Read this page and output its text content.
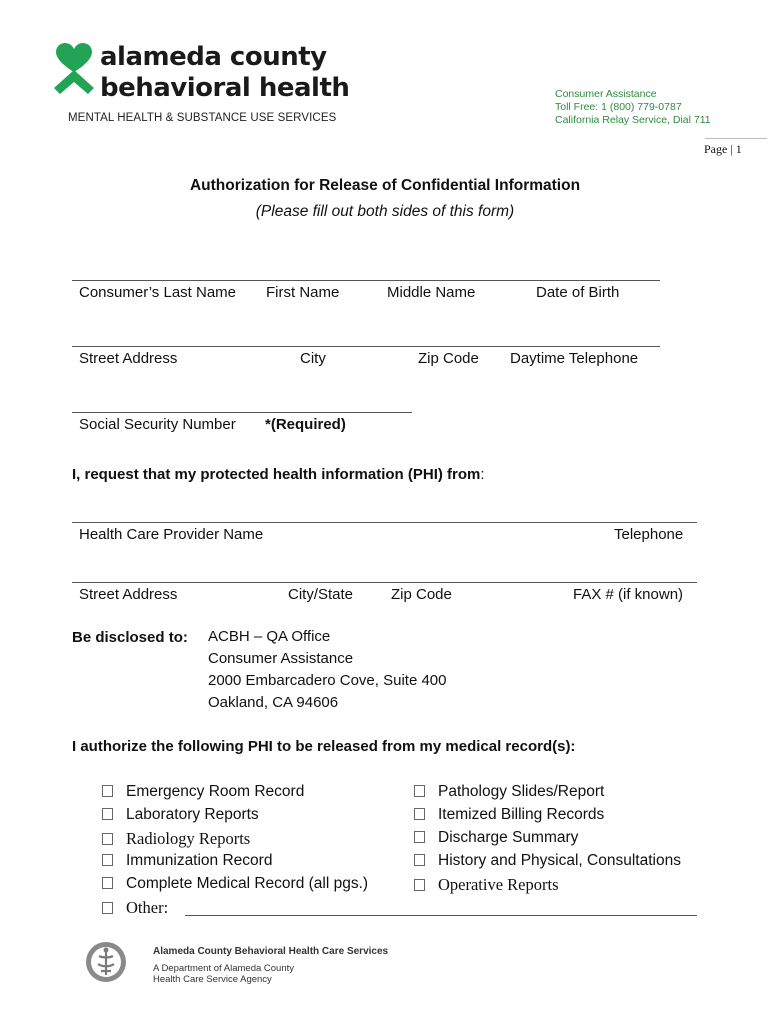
alameda county
behavioral health
MENTAL HEALTH & SUBSTANCE USE SERVICES
Consumer Assistance
Toll Free: 1 (800) 779-0787
California Relay Service, Dial 711
Page | 1
Authorization for Release of Confidential Information
(Please fill out both sides of this form)
Consumer’s Last Name First Name	Middle Name	Date of Birth
Street Address	City	Zip Code Daytime Telephone
Social Security Number *(Required)
I, request that my protected health information (PHI) from:
Health Care Provider Name	Telephone
Street Address	City/State	Zip Code	FAX # (if known)
Be disclosed to: ACBH – QA Office
Consumer Assistance
2000 Embarcadero Cove, Suite 400
Oakland, CA 94606
I authorize the following PHI to be released from my medical record(s):
Emergency Room Record
Laboratory Reports
Radiology Reports
Immunization Record
Complete Medical Record (all pgs.)
Other:
Pathology Slides/Report
Itemized Billing Records
Discharge Summary
History and Physical, Consultations
Operative Reports
Alameda County Behavioral Health Care Services
A Department of Alameda County
Health Care Service Agency
